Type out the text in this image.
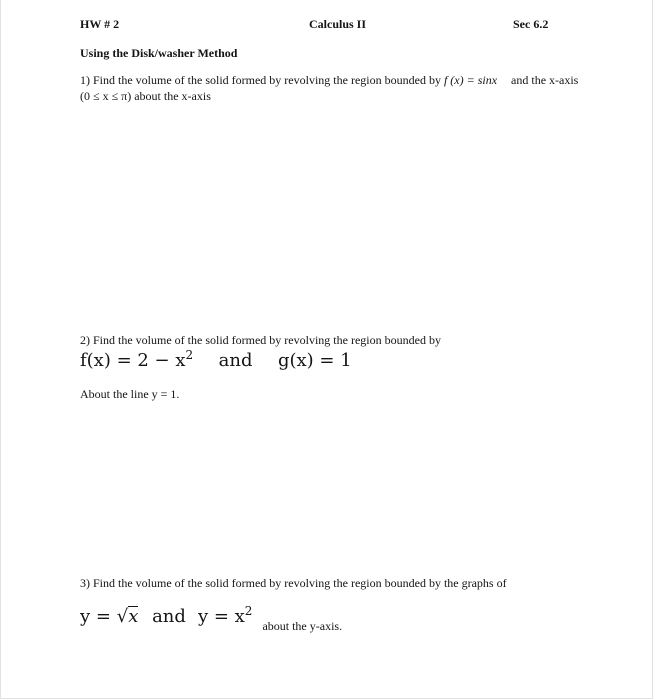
HW # 2	Calculus II	Sec 6.2
Using the Disk/washer Method
1) Find the volume of the solid formed by revolving the region bounded by f (x) = sinx and the x-axis
(0 ≤ x ≤ π) about the x-axis
2) Find the volume of the solid formed by revolving the region bounded by
$f(x) = 2 - x^2$ and g(x) = 1
About the line y = 1.
3) Find the volume of the solid formed by revolving the region bounded by the graphs of
y = √x and $y = x^2$  $_{about the y-axis.}$
